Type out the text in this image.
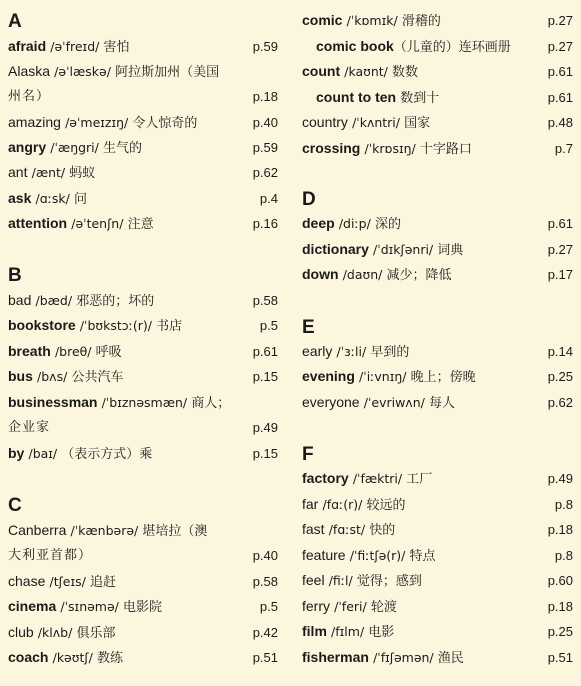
A
afraid /əˈfreɪd/ 害怕	p.59
Alaska /əˈlæskə/ 阿拉斯加州（美国
州名）	p.18
amazing /əˈmeɪzɪŋ/ 令人惊奇的	p.40
angry /ˈæŋgri/ 生气的	p.59
ant /ænt/ 蚂蚁	p.62
ask /ɑːsk/ 问	p.4
attention /əˈtenʃn/ 注意	p.16
B
bad /bæd/ 邪恶的；坏的	p.58
bookstore /ˈbʊkstɔː(r)/ 书店	p.5
breath /breθ/ 呼吸	p.61
bus /bʌs/ 公共汽车	p.15
businessman /ˈbɪznəsmæn/ 商人；
企业家	p.49
by /baɪ/ （表示方式）乘	p.15
C
Canberra /ˈkænbərə/ 堪培拉（澳
大利亚首都）	p.40
chase /tʃeɪs/ 追赶	p.58
cinema /ˈsɪnəmə/ 电影院	p.5
club /klʌb/ 俱乐部	p.42
coach /kəʊtʃ/ 教练	p.51
comic /ˈkɒmɪk/ 滑稽的	p.27
comic book（儿童的）连环画册	p.27
count /kaʊnt/ 数数	p.61
count to ten 数到十	p.61
country /ˈkʌntri/ 国家	p.48
crossing /ˈkrɒsɪŋ/ 十字路口	p.7
D
deep /diːp/ 深的	p.61
dictionary /ˈdɪkʃənri/ 词典	p.27
down /daʊn/ 减少；降低	p.17
E
early /ˈɜːli/ 早到的	p.14
evening /ˈiːvnɪŋ/ 晚上；傍晚	p.25
everyone /ˈevriwʌn/ 每人	p.62
F
factory /ˈfæktri/ 工厂	p.49
far /fɑː(r)/ 较远的	p.8
fast /fɑːst/ 快的	p.18
feature /ˈfiːtʃə(r)/ 特点	p.8
feel /fiːl/ 觉得；感到	p.60
ferry /ˈferi/ 轮渡	p.18
film /fɪlm/ 电影	p.25
fisherman /ˈfɪʃəmən/ 渔民	p.51
